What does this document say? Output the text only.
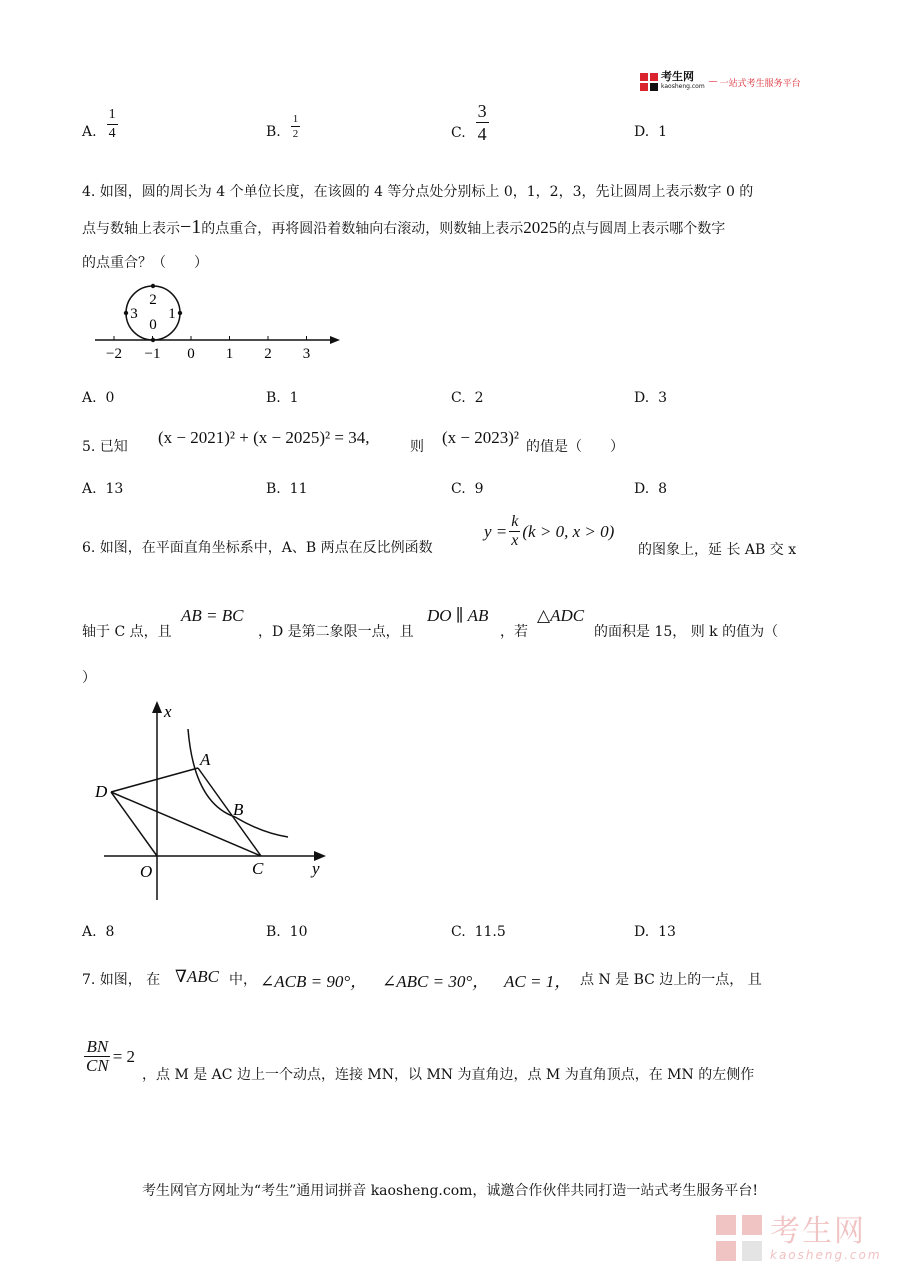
考生网
kaosheng.com — 一站式考生服务平台
A. $\frac{1}{4}$	B. $\frac{1}{2}$	C. $\frac{3}{4}$	D. 1
4. 如图，圆的周长为 4 个单位长度，在该圆的 4 等分点处分别标上 0，1，2，3，先让圆周上表示数字 0 的
点与数轴上表示−1的点重合，再将圆沿着数轴向右滚动，则数轴上表示2025的点与圆周上表示哪个数字
的点重合？（　　）
2
3
0
1
−2 −1 0 1 2 3
A. 0	B. 1	C. 2	D. 3
5. 已知 (x − 2021)² + (x − 2025)² = 34,	则 (x − 2023)² 的值是（　　）
A. 13	B. 11	C. 9	D. 8
6. 如图，在平面直角坐标系中，A、B 两点在反比例函数
$y = \frac{k}{x} (k > 0$, x > 0)
的图象上，延 长 AB 交 x
轴于 C 点，且
AB = BC
，D 是第二象限一点，且
DO ∥ AB
，若
△ADC
的面积是 15， 则 k 的值为（
）
x
A
D
B
O	C	y
A. 8	B. 10	C. 11.5	D. 13
7. 如图， 在 ∇ABC 中， ∠ACB = 90°， ∠ABC = 30°， AC = 1， 点 N 是 BC 边上的一点， 且
$\frac{BN}{CN} = 2$
，点 M 是 AC 边上一个动点，连接 MN，以 MN 为直角边，点 M 为直角顶点，在 MN 的左侧作
考生网官方网址为“考生”通用词拼音 kaosheng.com，诚邀合作伙伴共同打造一站式考生服务平台!
考生网
kaosheng.com
